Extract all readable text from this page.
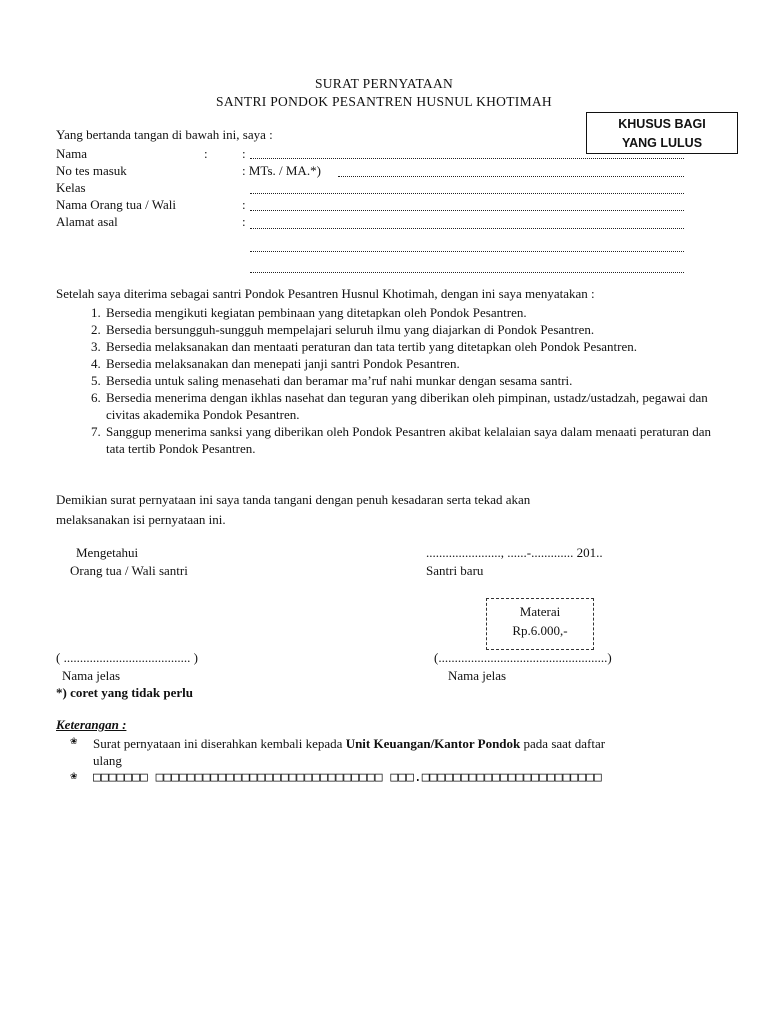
SURAT PERNYATAAN
SANTRI PONDOK PESANTREN HUSNUL KHOTIMAH
KHUSUS BAGI
YANG LULUS
Yang bertanda tangan di bawah ini, saya :
Nama	:	:
No tes masuk	: MTs. / MA.*)
Kelas
Nama Orang tua / Wali	:
Alamat asal	:
Setelah saya diterima sebagai santri Pondok Pesantren Husnul Khotimah, dengan ini saya menyatakan :
1. Bersedia mengikuti kegiatan pembinaan yang ditetapkan oleh Pondok Pesantren.
2. Bersedia bersungguh-sungguh mempelajari seluruh ilmu yang diajarkan di Pondok Pesantren.
3. Bersedia melaksanakan dan mentaati peraturan dan tata tertib yang ditetapkan oleh Pondok Pesantren.
4. Bersedia melaksanakan dan menepati janji santri Pondok Pesantren.
5. Bersedia untuk saling menasehati dan beramar ma’ruf nahi munkar dengan sesama santri.
6. Bersedia menerima dengan ikhlas nasehat dan teguran yang diberikan oleh pimpinan, ustadz/ustadzah, pegawai dan civitas akademika Pondok Pesantren.
7. Sanggup menerima sanksi yang diberikan oleh Pondok Pesantren akibat kelalaian saya dalam menaati peraturan dan tata tertib Pondok Pesantren.
Demikian surat pernyataan ini saya tanda tangani dengan penuh kesadaran serta tekad akan
melaksanakan isi pernyataan ini.
Mengetahui
Orang tua / Wali santri
......................., ......-............. 201..
Santri baru
Materai
Rp.6.000,-
( ....................................... )	(....................................................)
Nama jelas	Nama jelas
*) coret yang tidak perlu
Keterangan :
❀ Surat pernyataan ini diserahkan kembali kepada Unit Keuangan/Kantor Pondok pada saat daftar
ulang
❀ □□□□□□□ □□□□□□□□□□□□□□□□□□□□□□□□□□□□□ □□□.□□□□□□□□□□□□□□□□□□□□□□□
